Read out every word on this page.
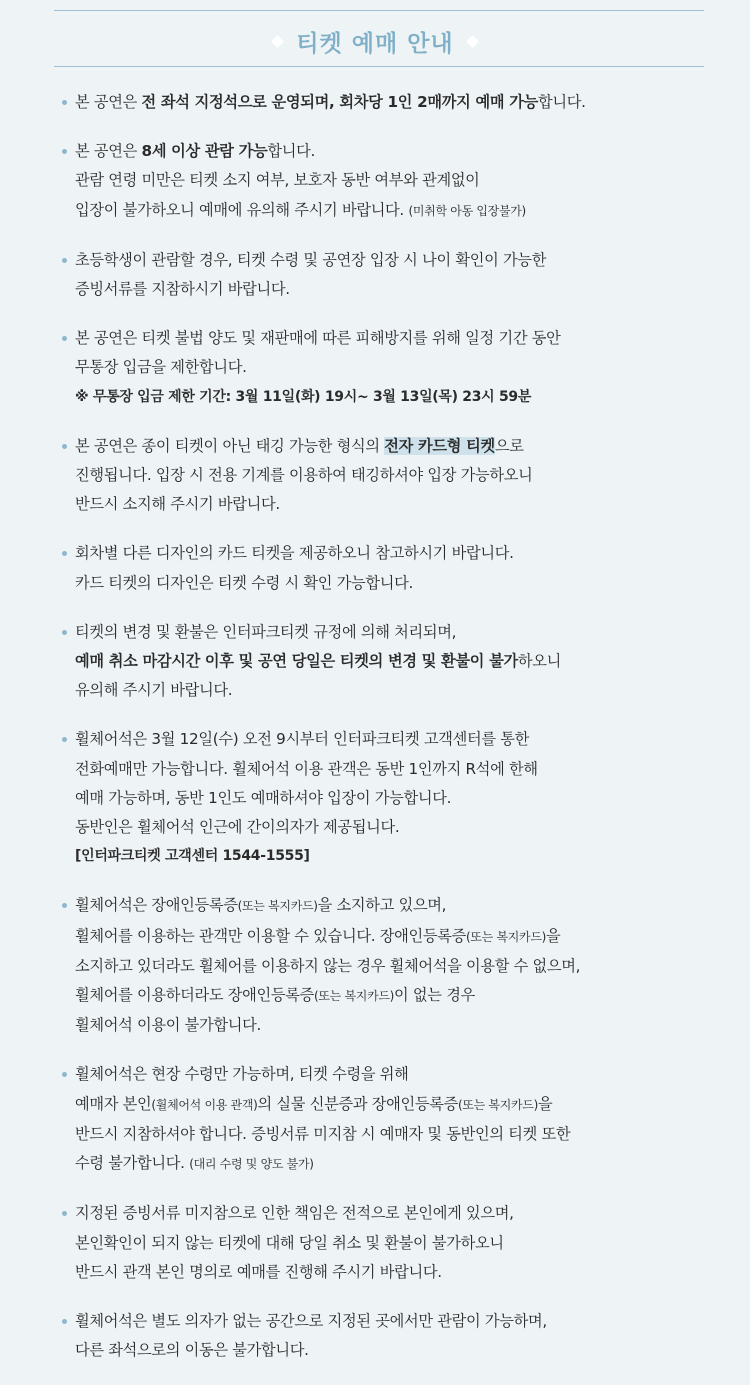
티켓 예매 안내
본 공연은 전 좌석 지정석으로 운영되며, 회차당 1인 2매까지 예매 가능합니다.
본 공연은 8세 이상 관람 가능합니다.
관람 연령 미만은 티켓 소지 여부, 보호자 동반 여부와 관계없이
입장이 불가하오니 예매에 유의해 주시기 바랍니다. (미취학 아동 입장불가)
초등학생이 관람할 경우, 티켓 수령 및 공연장 입장 시 나이 확인이 가능한
증빙서류를 지참하시기 바랍니다.
본 공연은 티켓 불법 양도 및 재판매에 따른 피해방지를 위해 일정 기간 동안
무통장 입금을 제한합니다.
※ 무통장 입금 제한 기간: 3월 11일(화) 19시~ 3월 13일(목) 23시 59분
본 공연은 종이 티켓이 아닌 태깅 가능한 형식의 전자 카드형 티켓으로
진행됩니다. 입장 시 전용 기계를 이용하여 태깅하셔야 입장 가능하오니
반드시 소지해 주시기 바랍니다.
회차별 다른 디자인의 카드 티켓을 제공하오니 참고하시기 바랍니다.
카드 티켓의 디자인은 티켓 수령 시 확인 가능합니다.
티켓의 변경 및 환불은 인터파크티켓 규정에 의해 처리되며,
예매 취소 마감시간 이후 및 공연 당일은 티켓의 변경 및 환불이 불가하오니
유의해 주시기 바랍니다.
휠체어석은 3월 12일(수) 오전 9시부터 인터파크티켓 고객센터를 통한
전화예매만 가능합니다. 휠체어석 이용 관객은 동반 1인까지 R석에 한해
예매 가능하며, 동반 1인도 예매하셔야 입장이 가능합니다.
동반인은 휠체어석 인근에 간이의자가 제공됩니다.
[인터파크티켓 고객센터 1544-1555]
휠체어석은 장애인등록증(또는 복지카드)을 소지하고 있으며,
휠체어를 이용하는 관객만 이용할 수 있습니다. 장애인등록증(또는 복지카드)을
소지하고 있더라도 휠체어를 이용하지 않는 경우 휠체어석을 이용할 수 없으며,
휠체어를 이용하더라도 장애인등록증(또는 복지카드)이 없는 경우
휠체어석 이용이 불가합니다.
휠체어석은 현장 수령만 가능하며, 티켓 수령을 위해
예매자 본인(휠체어석 이용 관객)의 실물 신분증과 장애인등록증(또는 복지카드)을
반드시 지참하셔야 합니다. 증빙서류 미지참 시 예매자 및 동반인의 티켓 또한
수령 불가합니다. (대리 수령 및 양도 불가)
지정된 증빙서류 미지참으로 인한 책임은 전적으로 본인에게 있으며,
본인확인이 되지 않는 티켓에 대해 당일 취소 및 환불이 불가하오니
반드시 관객 본인 명의로 예매를 진행해 주시기 바랍니다.
휠체어석은 별도 의자가 없는 공간으로 지정된 곳에서만 관람이 가능하며,
다른 좌석으로의 이동은 불가합니다.
